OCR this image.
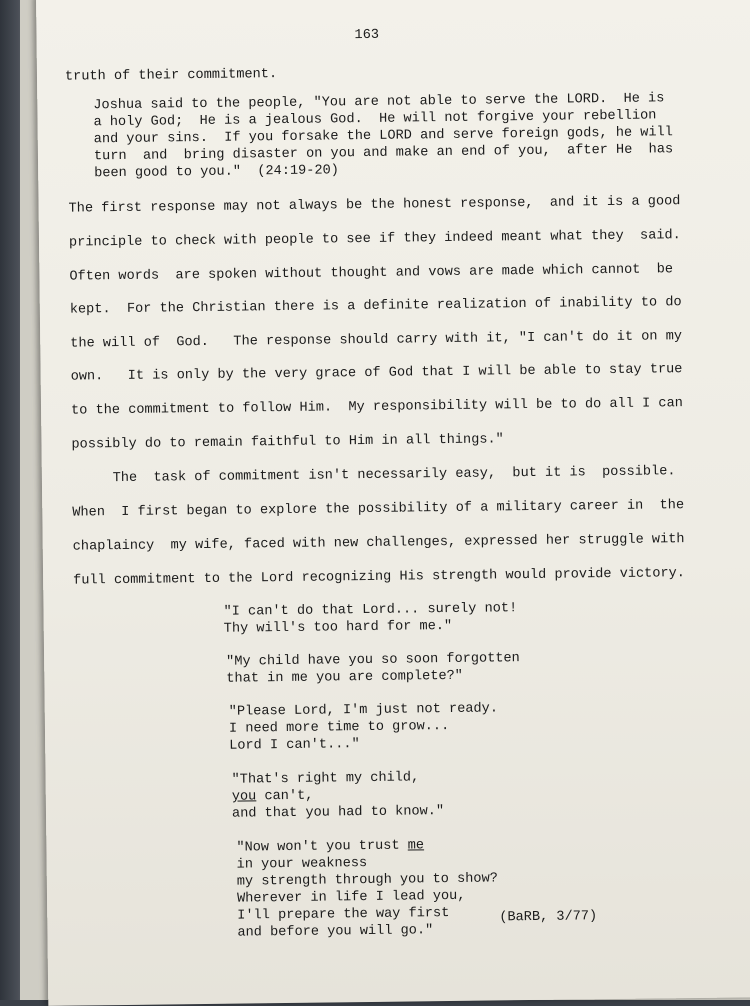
163
truth of their commitment.
Joshua said to the people, "You are not able to serve the LORD.  He is
a holy God;  He is a jealous God.  He will not forgive your rebellion
and your sins.  If you forsake the LORD and serve foreign gods, he will
turn  and  bring disaster on you and make an end of you,  after He  has
been good to you."  (24:19-20)
The first response may not always be the honest response,  and it is a good
principle to check with people to see if they indeed meant what they  said.
Often words  are spoken without thought and vows are made which cannot  be
kept.  For the Christian there is a definite realization of inability to do
the will of  God.   The response should carry with it, "I can't do it on my
own.   It is only by the very grace of God that I will be able to stay true
to the commitment to follow Him.  My responsibility will be to do all I can
possibly do to remain faithful to Him in all things."
The  task of commitment isn't necessarily easy,  but it is  possible.
When  I first began to explore the possibility of a military career in  the
chaplaincy  my wife, faced with new challenges, expressed her struggle with
full commitment to the Lord recognizing His strength would provide victory.
"I can't do that Lord... surely not!
Thy will's too hard for me."
"My child have you so soon forgotten
that in me you are complete?"
"Please Lord, I'm just not ready.
I need more time to grow...
Lord I can't..."
"That's right my child,
you can't,
and that you had to know."
"Now won't you trust me
in your weakness
my strength through you to show?
Wherever in life I lead you,
I'll prepare the way first
and before you will go."
(BaRB, 3/77)
